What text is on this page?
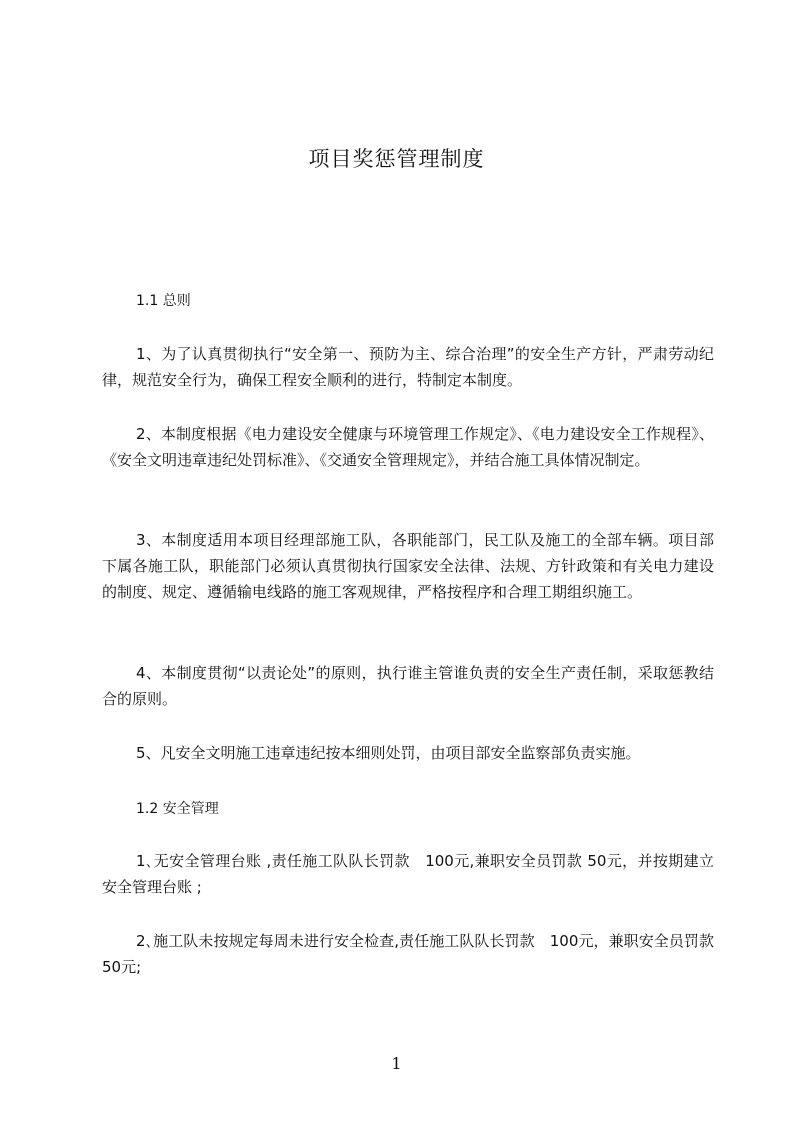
项目奖惩管理制度

1.1 总则

1、为了认真贯彻执行“安全第一、预防为主、综合治理”的安全生产方针，严肃劳动纪律，规范安全行为，确保工程安全顺利的进行，特制定本制度。

2、本制度根据《电力建设安全健康与环境管理工作规定》、《电力建设安全工作规程》、《安全文明违章违纪处罚标准》、《交通安全管理规定》，并结合施工具体情况制定。

3、本制度适用本项目经理部施工队，各职能部门，民工队及施工的全部车辆。项目部下属各施工队，职能部门必须认真贯彻执行国家安全法律、法规、方针政策和有关电力建设的制度、规定、遵循输电线路的施工客观规律，严格按程序和合理工期组织施工。

4、本制度贯彻“以责论处”的原则，执行谁主管谁负责的安全生产责任制，采取惩教结合的原则。

5、凡安全文明施工违章违纪按本细则处罚，由项目部安全监察部负责实施。

1.2 安全管理

1､无安全管理台账 ,责任施工队队长罚款　100元,兼职安全员罚款 50元，并按期建立安全管理台账 ;

2､施工队未按规定每周未进行安全检查,责任施工队队长罚款　100元，兼职安全员罚款50元;

1
